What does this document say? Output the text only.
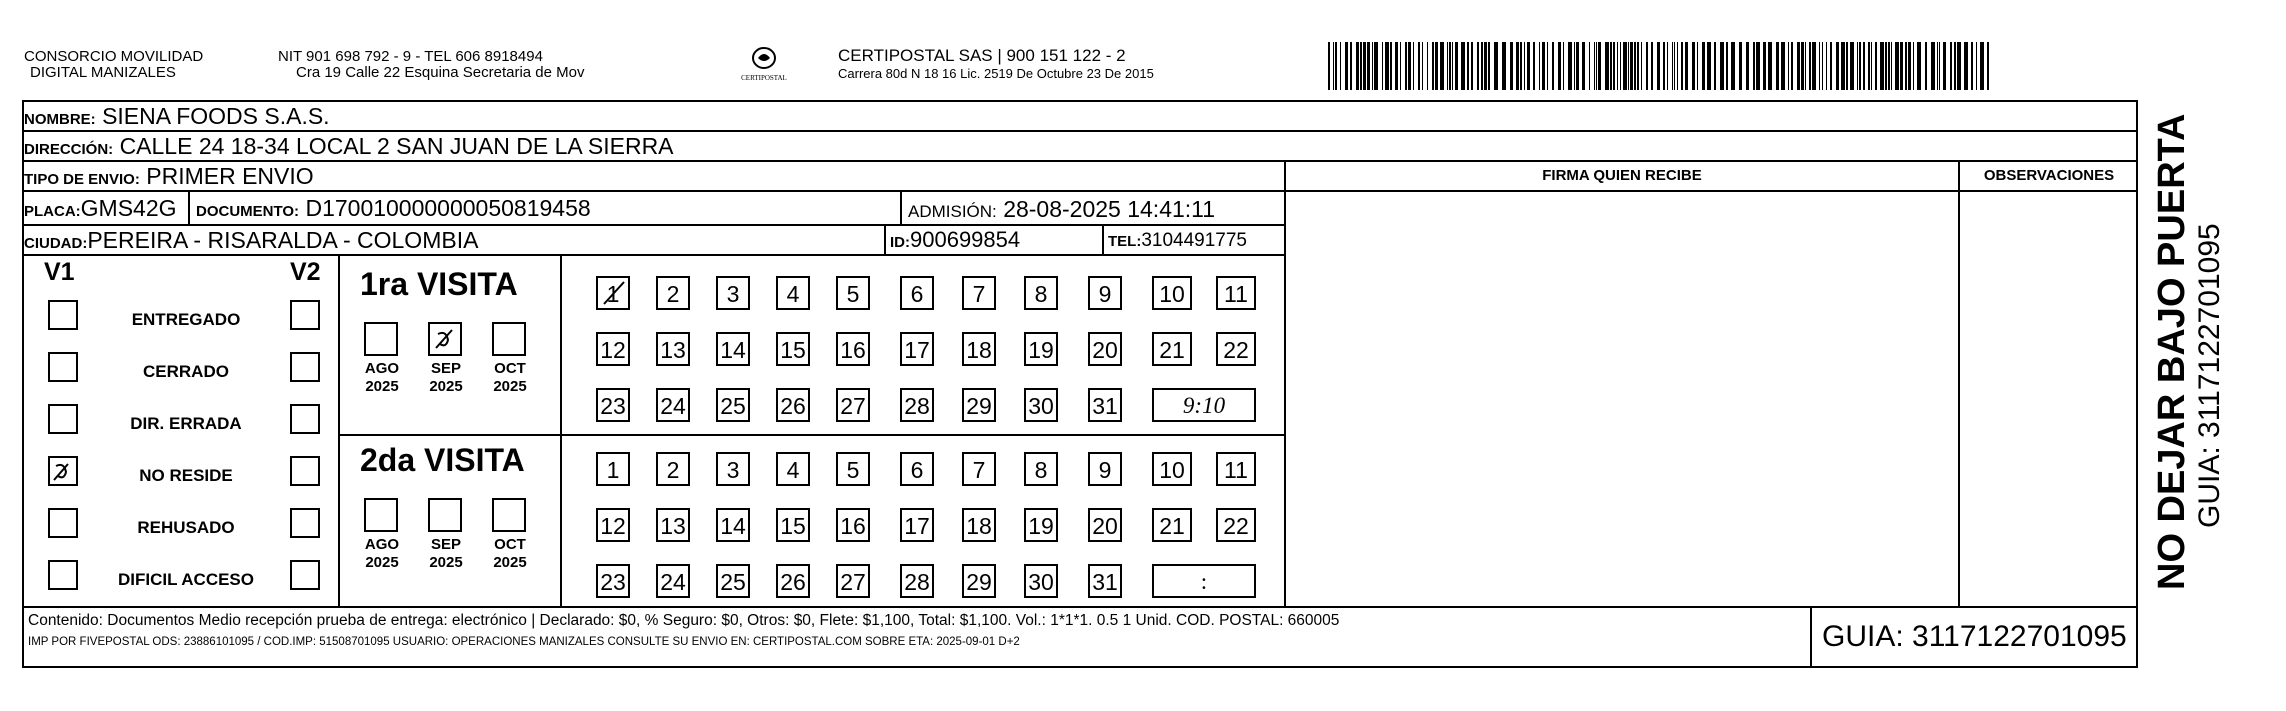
CONSORCIO MOVILIDAD
DIGITAL MANIZALES
NIT 901 698 792 - 9 - TEL 606 8918494
Cra 19 Calle 22 Esquina Secretaria de Mov	CERTIPOSTAL
CERTIPOSTAL SAS | 900 151 122 - 2
Carrera 80d N 18 16 Lic. 2519 De Octubre 23 De 2015
NOMBRE: SIENA FOODS S.A.S.
DIRECCIÓN: CALLE 24 18-34 LOCAL 2 SAN JUAN DE LA SIERRA
TIPO DE ENVIO: PRIMER ENVIO	FIRMA QUIEN RECIBE	OBSERVACIONES
PLACA:GMS42G	DOCUMENTO: D170010000000050819458	ADMISIÓN: 28-08-2025 14:41:11
CIUDAD:PEREIRA - RISARALDA - COLOMBIA	ID:900699854	TEL:3104491775
V1	V2
ENTREGADO
CERRADO
DIR. ERRADA
NO RESIDE
REHUSADO
DIFICIL ACCESO
1ra VISITA
2da VISITA
AGO
2025
SEP
2025
OCT
2025
1	2	3	4	5	6	7	8	9	10	11
12 13 14 15 16 17 18 19 20	21	22
23 24 25 26 27 28 29 30 31	9:10
AGO
2025
SEP
2025
OCT
2025
1	2	3	4	5	6	7	8	9	10	11
12 13 14 15 16 17 18 19 20	21	22
23 24 25 26 27 28 29 30 31	:
Contenido: Documentos Medio recepción prueba de entrega: electrónico | Declarado: $0, % Seguro: $0, Otros: $0, Flete: $1,100, Total: $1,100. Vol.: 1*1*1. 0.5 1 Unid. COD. POSTAL: 660005
IMP POR FIVEPOSTAL ODS: 23886101095 / COD.IMP: 51508701095 USUARIO: OPERACIONES MANIZALES CONSULTE SU ENVIO EN: CERTIPOSTAL.COM SOBRE ETA: 2025-09-01 D+2	GUIA: 3117122701095
NO DEJAR BAJO PUERTA GUIA: 3117122701095
